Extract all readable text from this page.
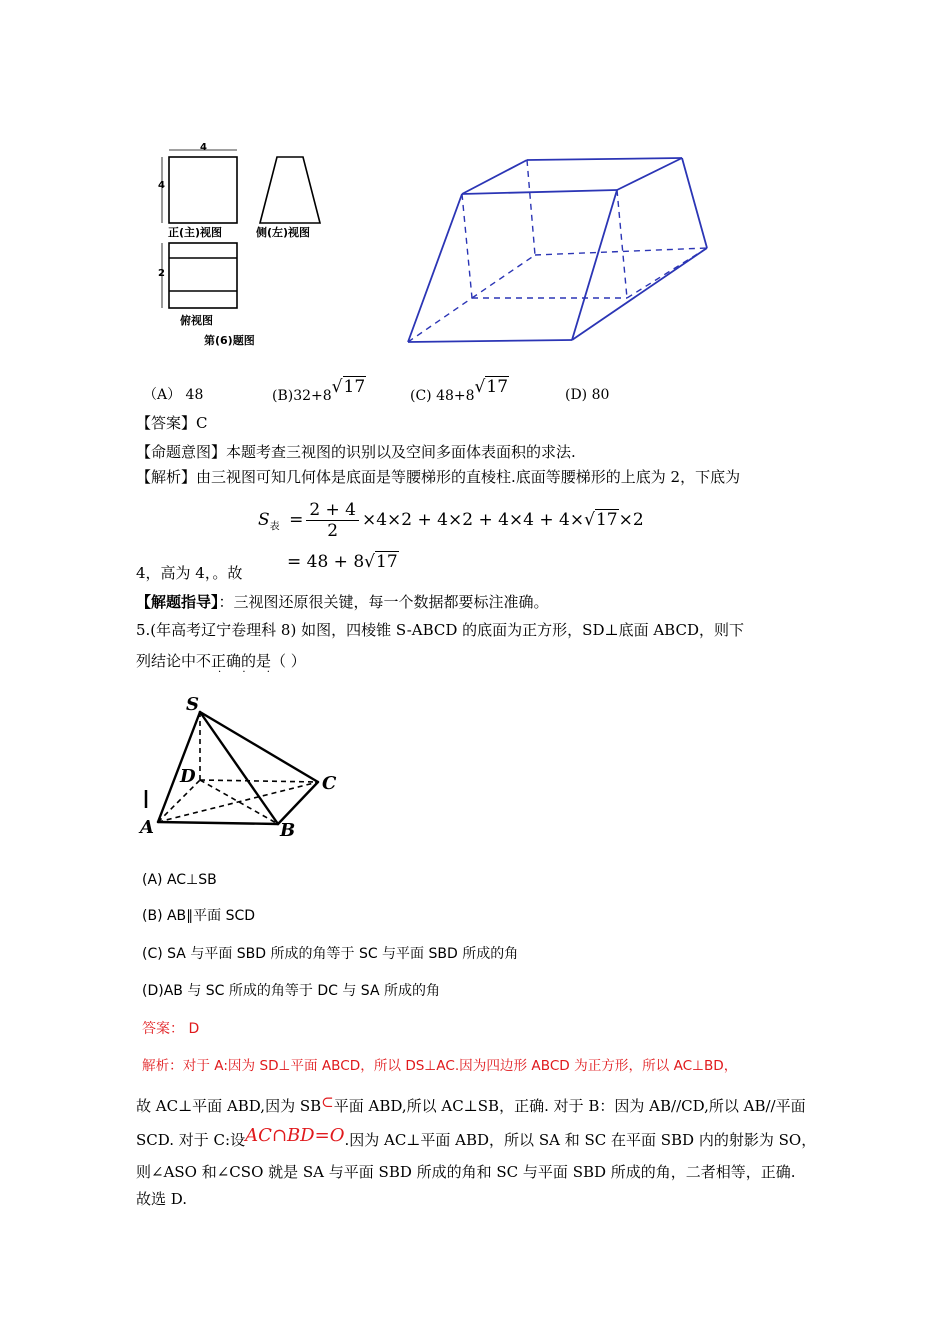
4
4
2
正(主)视图	侧(左)视图
俯视图
第(6)题图
（A） 48	(B)32+8√17	(C) 48+8√17	(D) 80
【答案】C
【命题意图】本题考查三视图的识别以及空间多面体表面积的求法.
【解析】由三视图可知几何体是底面是等腰梯形的直棱柱.底面等腰梯形的上底为 2，下底为
$S_表 = \frac{2 + 4}{2} \times 4\times 2 + 4\times 2 + 4\times 4 + 4\times√17\times 2$
= 48 + 8√17
4，高为 4，。故
【解题指导】：三视图还原很关键，每一个数据都要标注准确。
5.(年高考辽宁卷理科 8) 如图，四棱锥 S-ABCD 的底面为正方形，SD⊥底面 ABCD，则下
列结论中不正确的是（ ）
· · ·
S
D	C
A	B
(A) AC⊥SB
(B) AB∥平面 SCD
(C) SA 与平面 SBD 所成的角等于 SC 与平面 SBD 所成的角
(D)AB 与 SC 所成的角等于 DC 与 SA 所成的角
答案： D
解析：对于 A:因为 SD⊥平面 ABCD，所以 DS⊥AC.因为四边形 ABCD 为正方形，所以 AC⊥BD，
故 AC⊥平面 ABD,因为 SB⊂平面 ABD,所以 AC⊥SB，正确. 对于 B：因为 AB//CD,所以 AB//平面
SCD. 对于 C:设AC∩BD=O.因为 AC⊥平面 ABD，所以 SA 和 SC 在平面 SBD 内的射影为 SO，
则∠ASO 和∠CSO 就是 SA 与平面 SBD 所成的角和 SC 与平面 SBD 所成的角，二者相等，正确.
故选 D.
